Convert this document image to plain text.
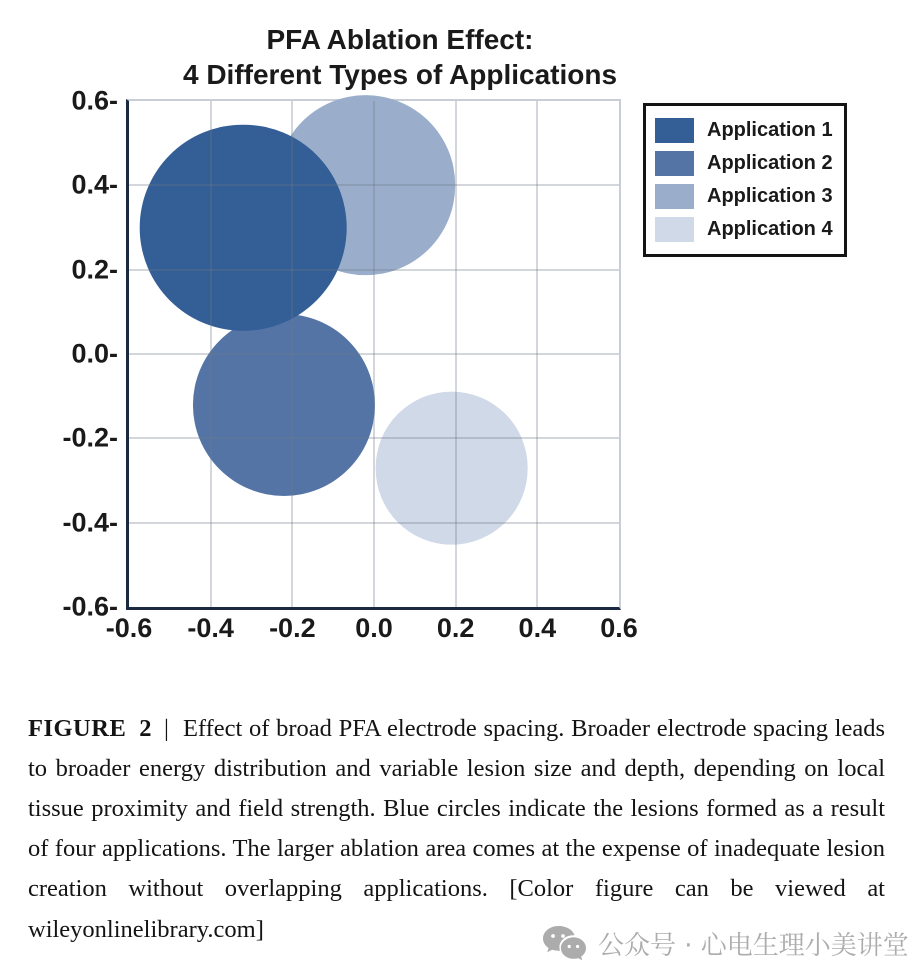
PFA Ablation Effect:
4 Different Types of Applications
0.6-
0.4-
0.2-
0.0-
-0.2-
-0.4-
-0.6-
-0.6 -0.4 -0.2 0.0 0.2 0.4 0.6
Application 1
Application 2
Application 3
Application 4

FIGURE 2 | Effect of broad PFA electrode spacing. Broader electrode spacing leads to broader energy distribution and variable lesion size and depth, depending on local tissue proximity and field strength. Blue circles indicate the lesions formed as a result of four applications. The larger ablation area comes at the expense of inadequate lesion creation without overlapping applications. [Color figure can be viewed at wileyonlinelibrary.com]

公众号 · 心电生理小美讲堂
